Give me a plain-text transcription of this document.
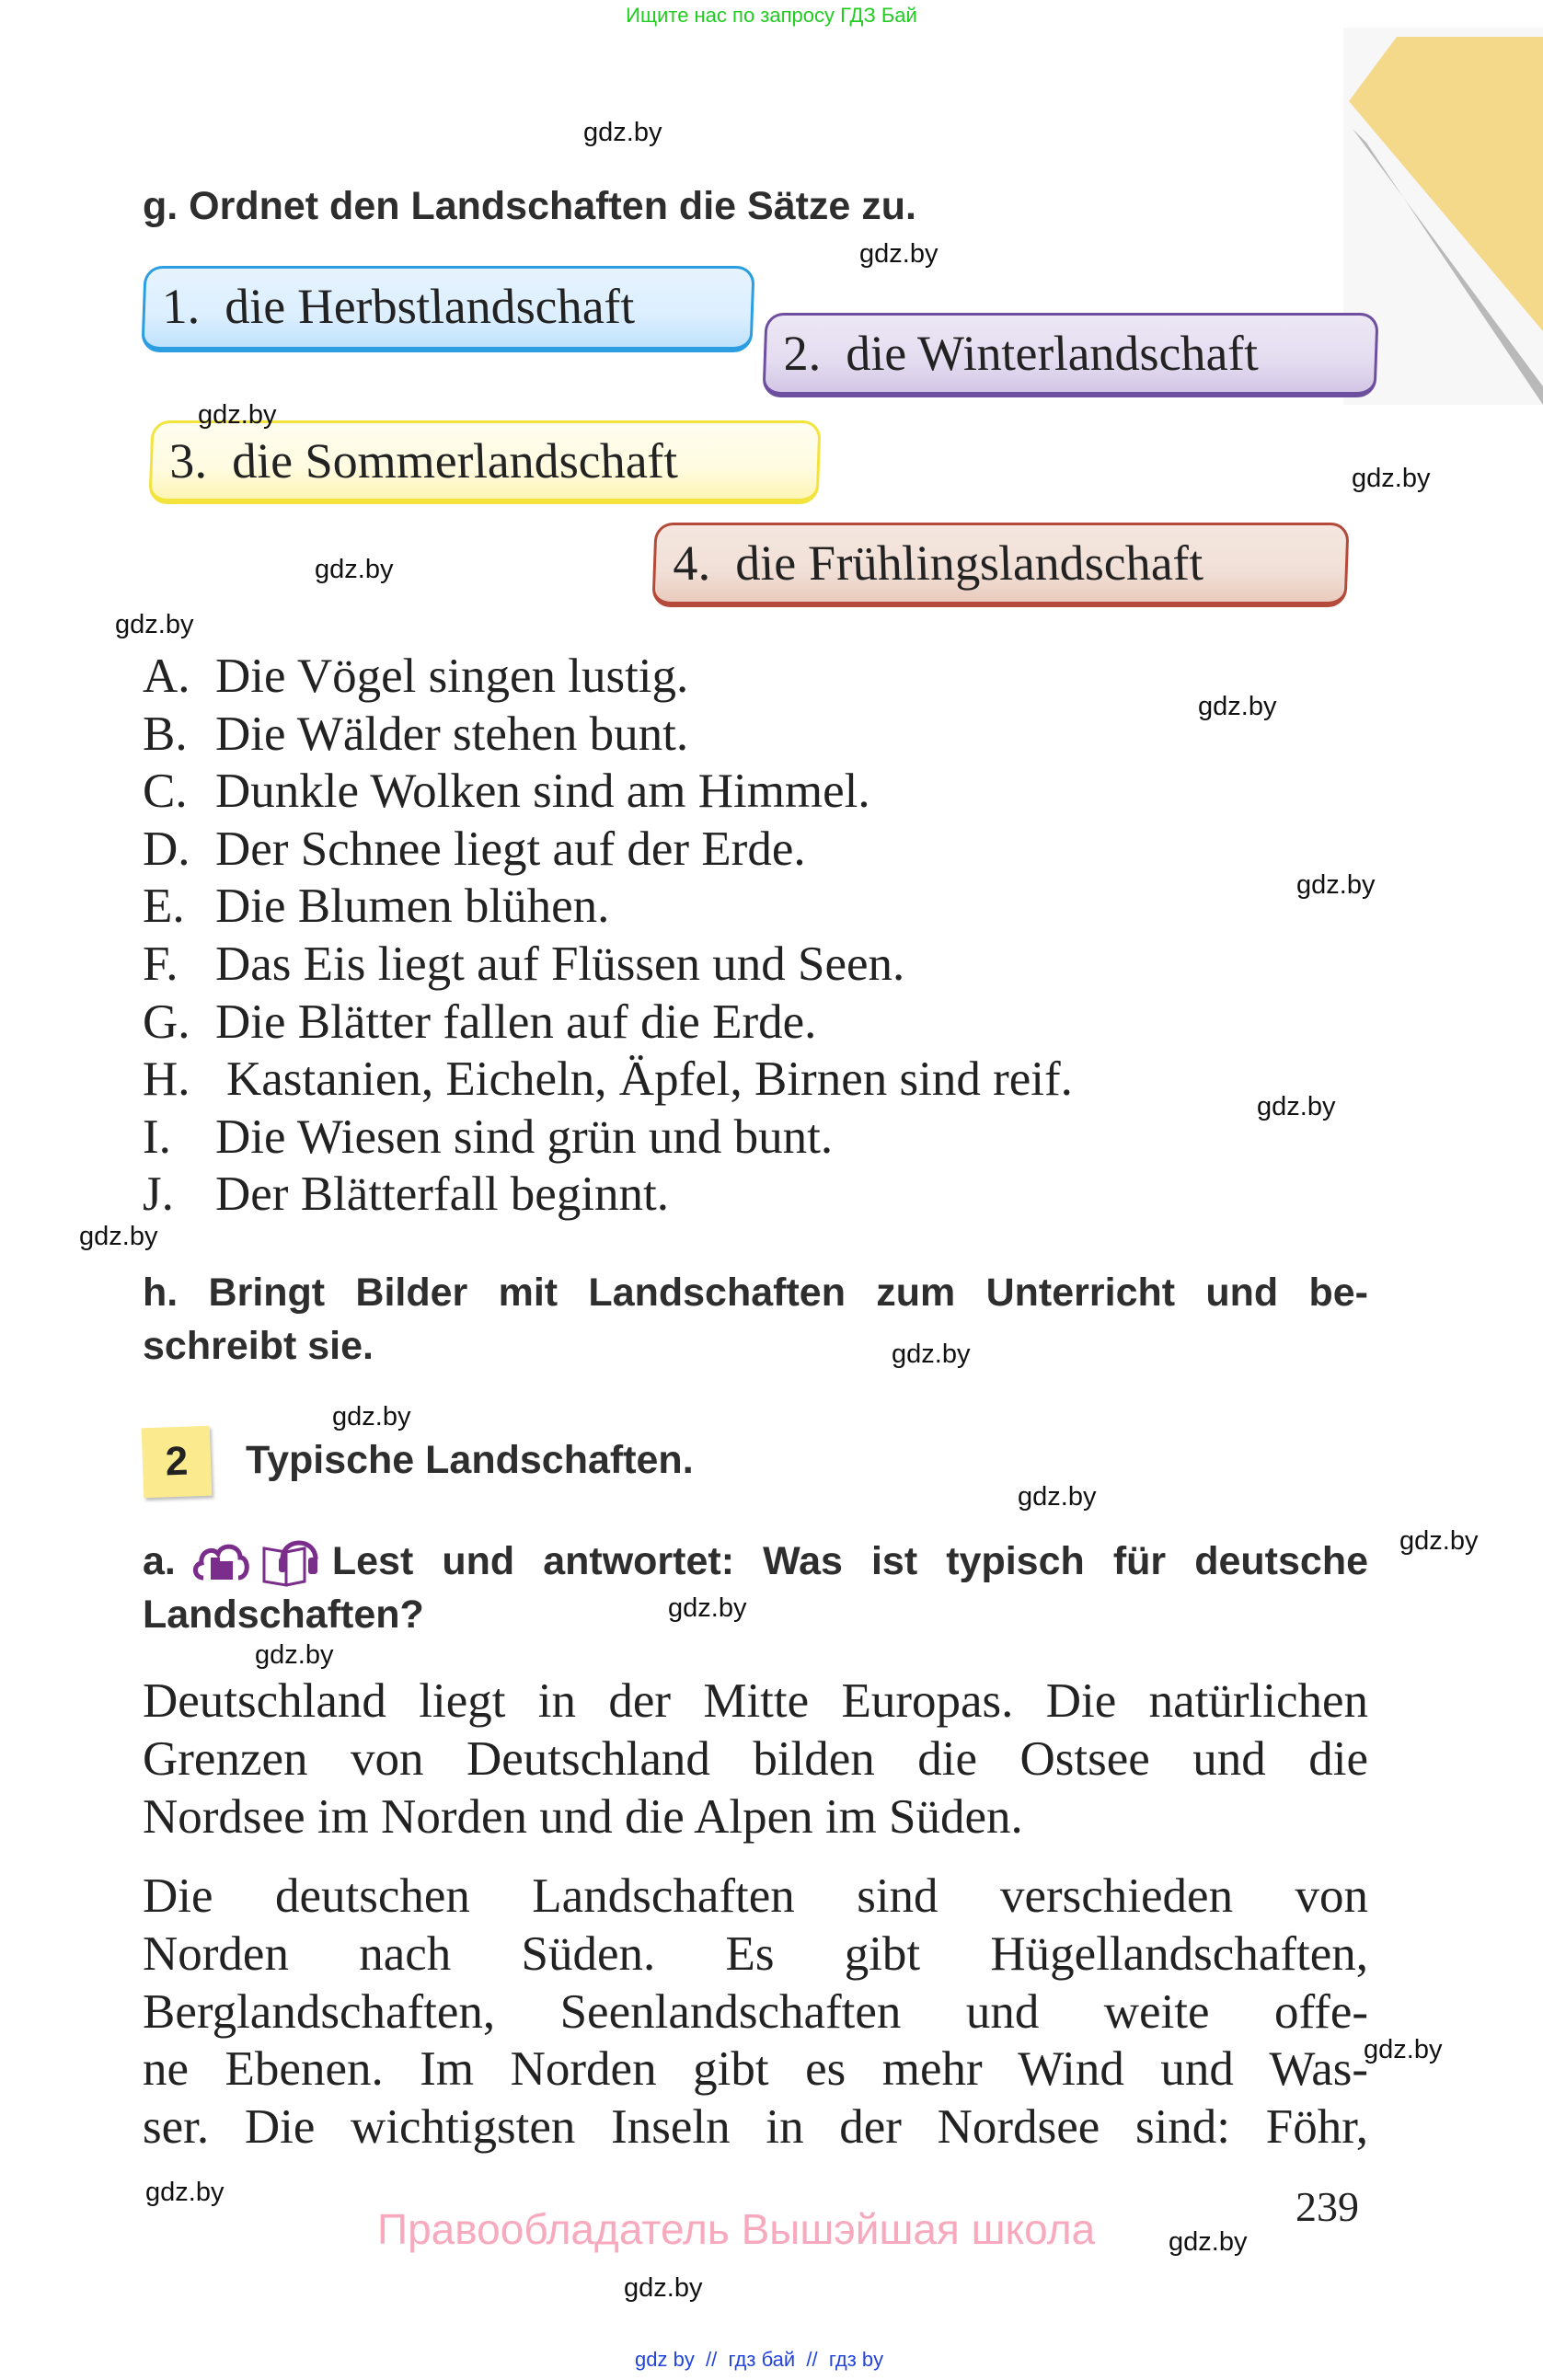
Ищите нас по запросу ГДЗ Бай
gdz.by
gdz.by
gdz.by
gdz.by
gdz.by
gdz.by
gdz.by
gdz.by
gdz.by
gdz.by
gdz.by
gdz.by
gdz.by
gdz.by
gdz.by
gdz.by
gdz.by
gdz.by
gdz.by
gdz.by
g. Ordnet den Landschaften die Sätze zu.
1. die Herbstlandschaft
2. die Winterlandschaft
3. die Sommerlandschaft
4. die Frühlingslandschaft
A. Die Vögel singen lustig.
B. Die Wälder stehen bunt.
C. Dunkle Wolken sind am Himmel.
D. Der Schnee liegt auf der Erde.
E. Die Blumen blühen.
F. Das Eis liegt auf Flüssen und Seen.
G. Die Blätter fallen auf die Erde.
H. Kastanien, Eicheln, Äpfel, Birnen sind reif.
I. Die Wiesen sind grün und bunt.
J. Der Blätterfall beginnt.
h. Bringt Bilder mit Landschaften zum Unterricht und be-
schreibt sie.
2	Typische Landschaften.
a.	Lest und antwortet: Was ist typisch für deutsche
Landschaften?
Deutschland liegt in der Mitte Europas. Die natürlichen
Grenzen von Deutschland bilden die Ostsee und die
Nordsee im Norden und die Alpen im Süden.
Die deutschen Landschaften sind verschieden von
Norden nach Süden. Es gibt Hügellandschaften,
Berglandschaften, Seenlandschaften und weite offe-
ne Ebenen. Im Norden gibt es mehr Wind und Was-
ser. Die wichtigsten Inseln in der Nordsee sind: Föhr,
239
Правообладатель Вышэйшая школа
gdz by  //  гдз бай  //  гдз by
